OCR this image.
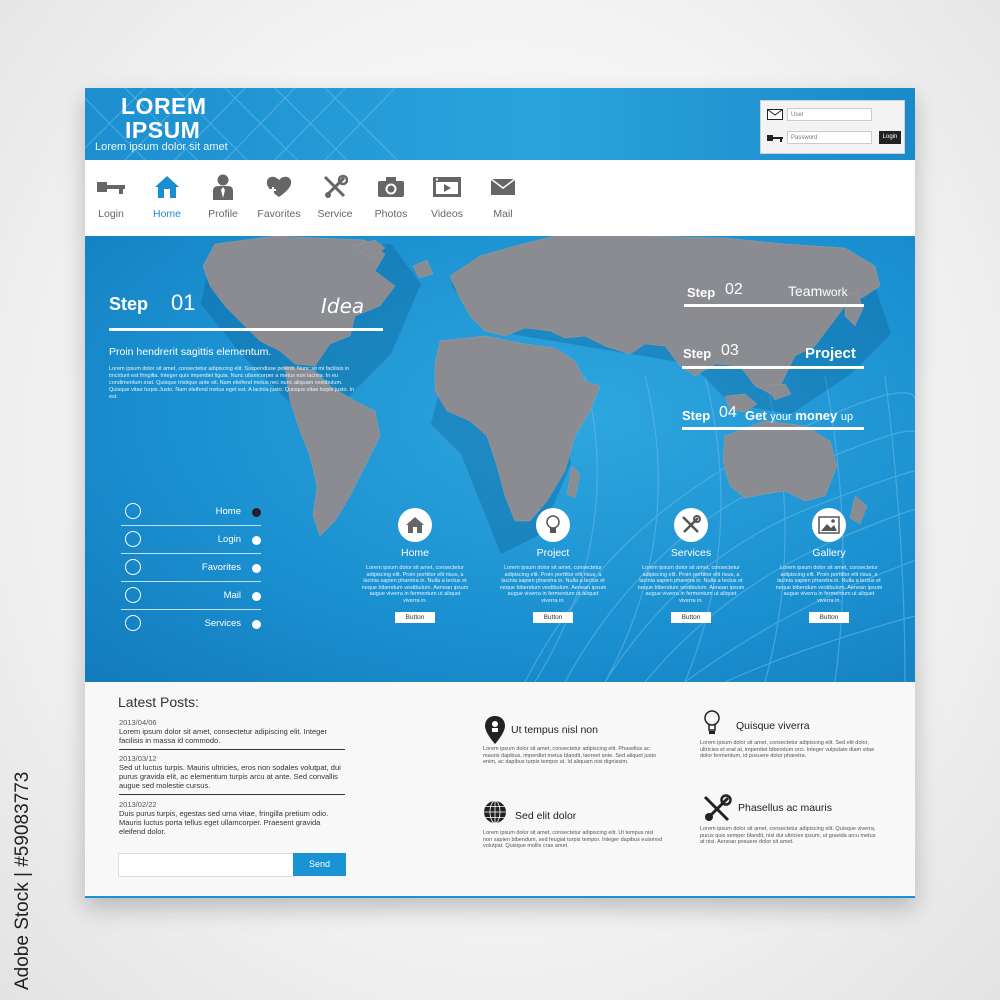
Adobe Stock | #59083773
LOREM
IPSUM
Lorem ipsum dolor sit amet
User
Password	Login
Login	Home	Profile	Favorites	Service	Photos	Videos	Mail
Step 01	Idea
Proin hendrerit sagittis elementum.
Lorem ipsum dolor sit amet, consectetur adipiscing elit. Suspendisse potenti. Nunc sit mi facilisis in tincidunt est fringilla. Integer quis imperdiet ligula. Nunc ullamcorper a metus non lacinia. In eu condimentum erat. Quisque tristique ante sit. Nam eleifend metus nec nunc aliquam vestibulum. Quisque vitae turpis Justo. Nam eleifend metus eget est. A lacinia justo. Quisque vitae turpis justo. In est.
Step 02	Teamwork
Step 03	Project
Step 04 Get your money up
Home
Login
Favorites
Mail
Services
Home
Lorem ipsum dolor sit amet, consectetur adipiscing elit. Proin porttitor elit risus, a lacinia sapien pharetra in. Nulla a lectus et neque bibendum vestibulum. Aenean ipsum augue viverra in fermentum ut aliquet viverra in.
Button
Project
Lorem ipsum dolor sit amet, consectetur adipiscing elit. Proin porttitor elit risus, a lacinia sapien pharetra in. Nulla a lectus et neque bibendum vestibulum. Aenean ipsum augue viverra in fermentum ut aliquet viverra in.
Button
Services
Lorem ipsum dolor sit amet, consectetur adipiscing elit. Proin porttitor elit risus, a lacinia sapien pharetra in. Nulla a lectus et neque bibendum vestibulum. Aenean ipsum augue viverra in fermentum ut aliquet viverra in.
Button
Gallery
Lorem ipsum dolor sit amet, consectetur adipiscing elit. Proin porttitor elit risus, a lacinia sapien pharetra in. Nulla a lectus et neque bibendum vestibulum. Aenean ipsum augue viverra in fermentum ut aliquet viverra in.
Button
Latest Posts:
2013/04/06
Lorem ipsum dolor sit amet, consectetur adipiscing elit. Integer facilisis in massa id commodo.
2013/03/12
Sed ut luctus turpis. Mauris ultricies, eros non sodales volutpat, dui purus gravida elit, ac elementum turpis arcu at ante. Sed convallis augue sed molestie cursus.
2013/02/22
Duis purus turpis, egestas sed urna vitae, fringilla pretium odio. Mauris luctus porta tellus eget ullamcorper. Praesent gravida eleifend dolor.
Send
Ut tempus nisl non
Lorem ipsum dolor sit amet, consectetur adipiscing elit. Phasellus ac mauris dapibus, imperdiet metus blandit, laoreet ante. Sed aliquet justo enim, ac dapibus turpis tempor at. Id aliquam nisi dignissim.
Quisque viverra
Lorem ipsum dolor sit amet, consectetur adipiscing elit. Sed elit dolor, ultricies et erat at, imperdiet bibendum orci. Integer vulputate diam vitae dolor fermentum, id posuere dolor pharetra.
Sed elit dolor
Lorem ipsum dolor sit amet, consectetur adipiscing elit. Ut tempus nisl non sapien bibendum, sed feugiat turpis tempor. Integer dapibus euismod volutpat. Quisque mollis cras amet.
Phasellus ac mauris
Lorem ipsum dolor sit amet, consectetur adipiscing elit. Quisque viverra, purus quis semper blandit, nisl dui ultricies ipsum, ut gravida arcu metus at nisi. Aenean posuere dolor sit amet.
